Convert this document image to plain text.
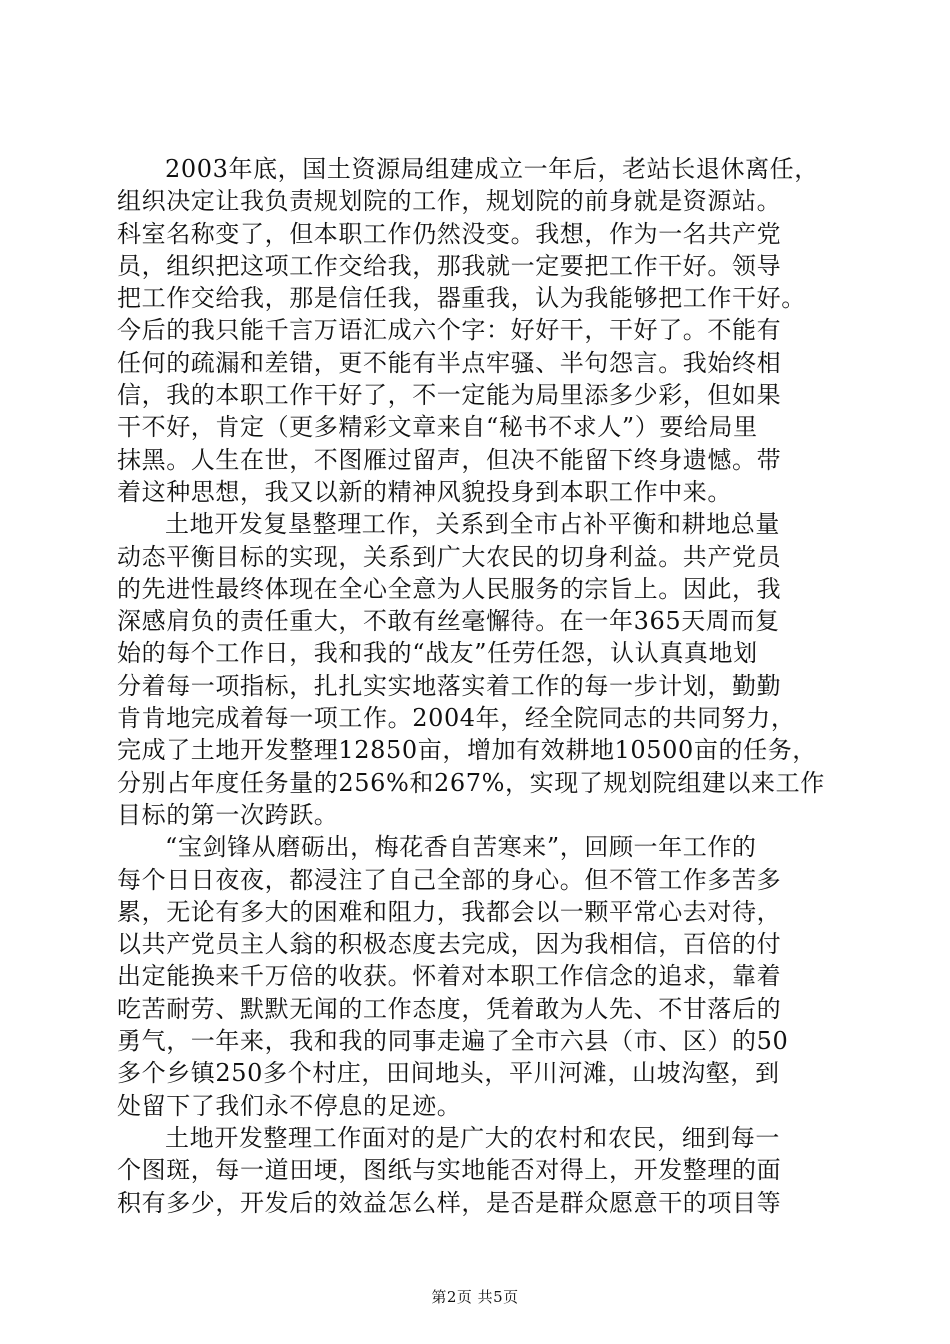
2003年底，国土资源局组建成立一年后，老站长退休离任，
组织决定让我负责规划院的工作，规划院的前身就是资源站。
科室名称变了，但本职工作仍然没变。我想，作为一名共产党
员，组织把这项工作交给我，那我就一定要把工作干好。领导
把工作交给我，那是信任我，器重我，认为我能够把工作干好。
今后的我只能千言万语汇成六个字：好好干，干好了。不能有
任何的疏漏和差错，更不能有半点牢骚、半句怨言。我始终相
信，我的本职工作干好了，不一定能为局里添多少彩，但如果
干不好，肯定（更多精彩文章来自“秘书不求人”）要给局里
抹黑。人生在世，不图雁过留声，但决不能留下终身遗憾。带
着这种思想，我又以新的精神风貌投身到本职工作中来。
土地开发复垦整理工作，关系到全市占补平衡和耕地总量
动态平衡目标的实现，关系到广大农民的切身利益。共产党员
的先进性最终体现在全心全意为人民服务的宗旨上。因此，我
深感肩负的责任重大，不敢有丝毫懈待。在一年365天周而复
始的每个工作日，我和我的“战友”任劳任怨，认认真真地划
分着每一项指标，扎扎实实地落实着工作的每一步计划，勤勤
肯肯地完成着每一项工作。2004年，经全院同志的共同努力，
完成了土地开发整理12850亩，增加有效耕地10500亩的任务，
分别占年度任务量的256%和267%，实现了规划院组建以来工作
目标的第一次跨跃。
“宝剑锋从磨砺出，梅花香自苦寒来”，回顾一年工作的
每个日日夜夜，都浸注了自己全部的身心。但不管工作多苦多
累，无论有多大的困难和阻力，我都会以一颗平常心去对待，
以共产党员主人翁的积极态度去完成，因为我相信，百倍的付
出定能换来千万倍的收获。怀着对本职工作信念的追求，靠着
吃苦耐劳、默默无闻的工作态度，凭着敢为人先、不甘落后的
勇气，一年来，我和我的同事走遍了全市六县（市、区）的50
多个乡镇250多个村庄，田间地头，平川河滩，山坡沟壑，到
处留下了我们永不停息的足迹。
土地开发整理工作面对的是广大的农村和农民，细到每一
个图斑，每一道田埂，图纸与实地能否对得上，开发整理的面
积有多少，开发后的效益怎么样，是否是群众愿意干的项目等
第2页 共5页
